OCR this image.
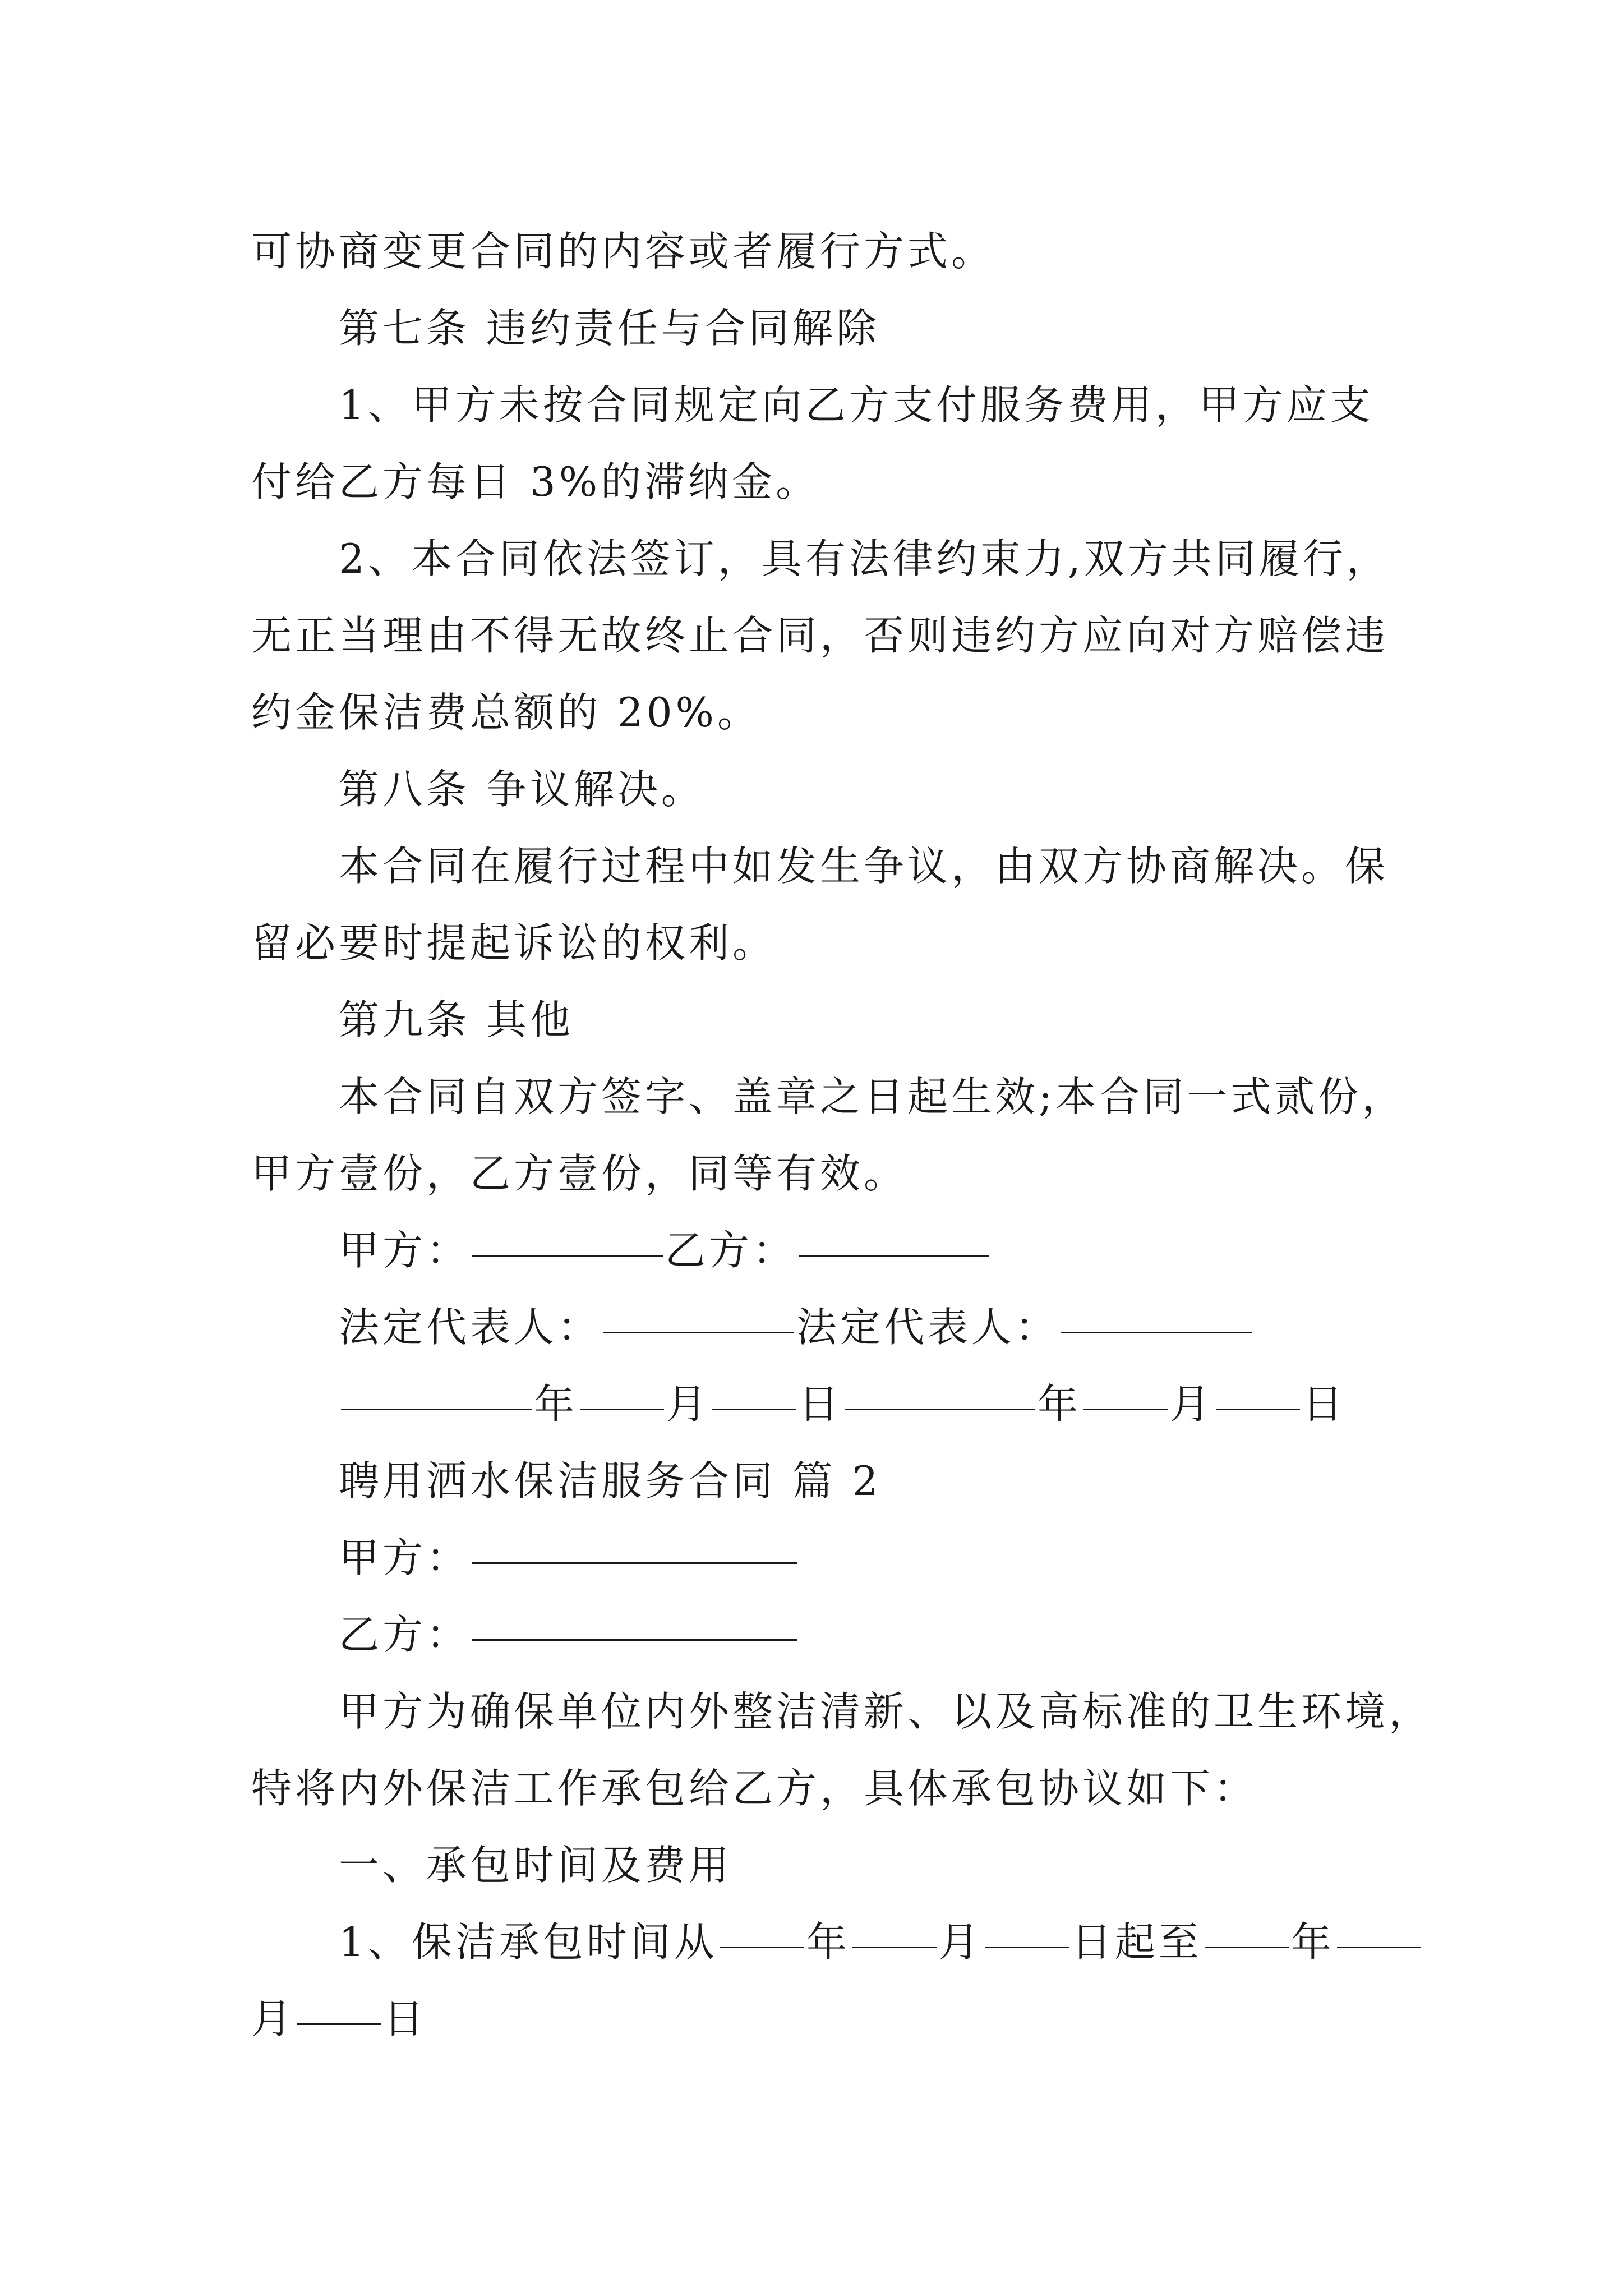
可协商变更合同的内容或者履行方式。
第七条 违约责任与合同解除
1、甲方未按合同规定向乙方支付服务费用，甲方应支
付给乙方每日 3%的滞纳金。
2、本合同依法签订，具有法律约束力,双方共同履行，
无正当理由不得无故终止合同，否则违约方应向对方赔偿违
约金保洁费总额的 20%。
第八条 争议解决。
本合同在履行过程中如发生争议，由双方协商解决。保
留必要时提起诉讼的权利。
第九条 其他
本合同自双方签字、盖章之日起生效;本合同一式贰份，
甲方壹份，乙方壹份，同等有效。
甲方：	乙方：
法定代表人：	法定代表人：
年 月 日	年 月 日
聘用洒水保洁服务合同 篇 2
甲方：
乙方：
甲方为确保单位内外整洁清新、以及高标准的卫生环境，
特将内外保洁工作承包给乙方，具体承包协议如下：
一、承包时间及费用
1、保洁承包时间从 年 月 日起至 年
月 日
